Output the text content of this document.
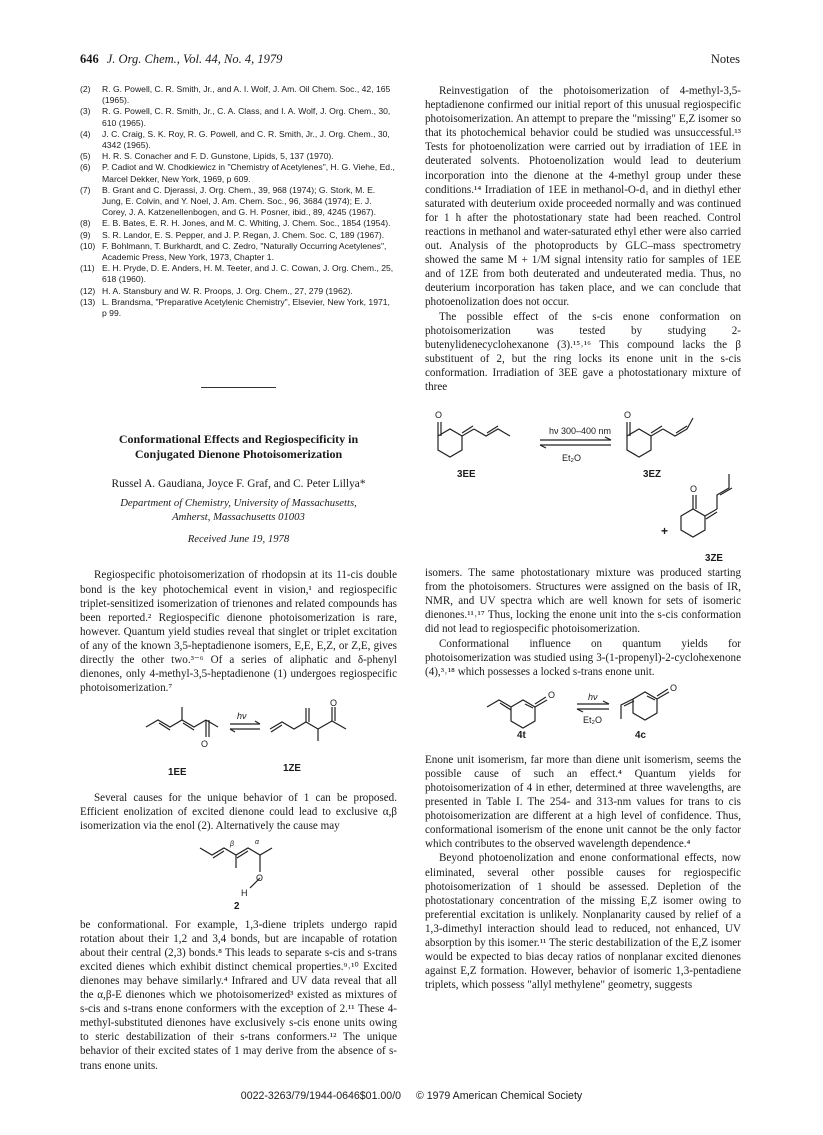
646 J. Org. Chem., Vol. 44, No. 4, 1979	Notes
(2) R. G. Powell, C. R. Smith, Jr., and A. I. Wolf, J. Am. Oil Chem. Soc., 42, 165 (1965).
(3) R. G. Powell, C. R. Smith, Jr., C. A. Class, and I. A. Wolf, J. Org. Chem., 30, 610 (1965).
(4) J. C. Craig, S. K. Roy, R. G. Powell, and C. R. Smith, Jr., J. Org. Chem., 30, 4342 (1965).
(5) H. R. S. Conacher and F. D. Gunstone, Lipids, 5, 137 (1970).
(6) P. Cadiot and W. Chodkiewicz in "Chemistry of Acetylenes", H. G. Viehe, Ed., Marcel Dekker, New York, 1969, p 609.
(7) B. Grant and C. Djerassi, J. Org. Chem., 39, 968 (1974); G. Stork, M. E. Jung, E. Colvin, and Y. Noel, J. Am. Chem. Soc., 96, 3684 (1974); E. J. Corey, J. A. Katzenellenbogen, and G. H. Posner, ibid., 89, 4245 (1967).
(8) E. B. Bates, E. R. H. Jones, and M. C. Whiting, J. Chem. Soc., 1854 (1954).
(9) S. R. Landor, E. S. Pepper, and J. P. Regan, J. Chem. Soc. C, 189 (1967).
(10) F. Bohlmann, T. Burkhardt, and C. Zedro, "Naturally Occurring Acetylenes", Academic Press, New York, 1973, Chapter 1.
(11) E. H. Pryde, D. E. Anders, H. M. Teeter, and J. C. Cowan, J. Org. Chem., 25, 618 (1960).
(12) H. A. Stansbury and W. R. Proops, J. Org. Chem., 27, 279 (1962).
(13) L. Brandsma, "Preparative Acetylenic Chemistry", Elsevier, New York, 1971, p 99.
Conformational Effects and Regiospecificity in Conjugated Dienone Photoisomerization
Russel A. Gaudiana, Joyce F. Graf, and C. Peter Lillya*
Department of Chemistry, University of Massachusetts,
Amherst, Massachusetts 01003
Received June 19, 1978
Regiospecific photoisomerization of rhodopsin at its 11-cis double bond is the key photochemical event in vision,¹ and regiospecific triplet-sensitized isomerization of trienones and related compounds has been reported.² Regiospecific dienone photoisomerization is rare, however. Quantum yield studies reveal that singlet or triplet excitation of any of the known 3,5-heptadienone isomers, E,E, E,Z, or Z,E, gives directly the other two.³⁻⁶ Of a series of aliphatic and δ-phenyl dienones, only 4-methyl-3,5-heptadienone (1) undergoes regiospecific photoisomerization.⁷
O
O
hν
1EE	1ZE
Several causes for the unique behavior of 1 can be proposed. Efficient enolization of excited dienone could lead to exclusive α,β isomerization via the enol (2). Alternatively the cause may
β	α
O
H
2
be conformational. For example, 1,3-diene triplets undergo rapid rotation about their 1,2 and 3,4 bonds, but are incapable of rotation about their central (2,3) bonds.⁸ This leads to separate s-cis and s-trans excited dienes which exhibit distinct chemical properties.⁹˒¹⁰ Excited dienones may behave similarly.⁴ Infrared and UV data reveal that all the α,β-E dienones which we photoisomerized³ existed as mixtures of s-cis and s-trans enone conformers with the exception of 2.¹¹ These 4-methyl-substituted dienones have exclusively s-cis enone units owing to steric destabilization of their s-trans conformers.¹² The unique behavior of their excited states of 1 may derive from the absence of s-trans enone units.
Reinvestigation of the photoisomerization of 4-methyl-3,5-heptadienone confirmed our initial report of this unusual regiospecific photoisomerization. An attempt to prepare the "missing" E,Z isomer so that its photochemical behavior could be studied was unsuccessful.¹³ Tests for photoenolization were carried out by irradiation of 1EE in deuterated solvents. Photoenolization would lead to deuterium incorporation into the dienone at the 4-methyl group under these conditions.¹⁴ Irradiation of 1EE in methanol-O-d₁ and in diethyl ether saturated with deuterium oxide proceeded normally and was continued for 1 h after the photostationary state had been reached. Control reactions in methanol and water-saturated ethyl ether were also carried out. Analysis of the photoproducts by GLC–mass spectrometry showed the same M + 1/M signal intensity ratio for samples of 1EE and of 1ZE from both deuterated and undeuterated media. Thus, no deuterium incorporation has taken place, and we can conclude that photoenolization does not occur.
The possible effect of the s-cis enone conformation on photoisomerization was tested by studying 2-butenylidenecyclohexanone (3).¹⁵˒¹⁶ This compound lacks the β substituent of 2, but the ring locks its enone unit in the s-cis conformation. Irradiation of 3EE gave a photostationary mixture of three
O	O
O
hν 300–400 nm
Et₂O
3EE	3EZ
+
3ZE
isomers. The same photostationary mixture was produced starting from the photoisomers. Structures were assigned on the basis of IR, NMR, and UV spectra which are well known for sets of isomeric dienones.¹¹˒¹⁷ Thus, locking the enone unit into the s-cis conformation did not lead to regiospecific photoisomerization.
Conformational influence on quantum yields for photoisomerization was studied using 3-(1-propenyl)-2-cyclohexenone (4),³˒¹⁸ which possesses a locked s-trans enone unit.
O
O
hν
Et₂O
4t	4c
Enone unit isomerism, far more than diene unit isomerism, seems the possible cause of such an effect.⁴ Quantum yields for photoisomerization of 4 in ether, determined at three wavelengths, are presented in Table I. The 254- and 313-nm values for trans to cis photoisomerization are different at a high level of confidence. Thus, conformational isomerism of the enone unit cannot be the only factor which contributes to the observed wavelength dependence.⁴
Beyond photoenolization and enone conformational effects, now eliminated, several other possible causes for regiospecific photoisomerization of 1 should be assessed. Depletion of the photostationary concentration of the missing E,Z isomer owing to preferential excitation is unlikely. Nonplanarity caused by relief of a 1,3-dimethyl interaction should lead to reduced, not enhanced, UV absorption by this isomer.¹¹ The steric destabilization of the E,Z isomer would be expected to bias decay ratios of nonplanar excited dienones against E,Z formation. However, behavior of isomeric 1,3-pentadiene triplets, which possess "allyl methylene" geometry, suggests
0022-3263/79/1944-0646$01.00/0 © 1979 American Chemical Society
